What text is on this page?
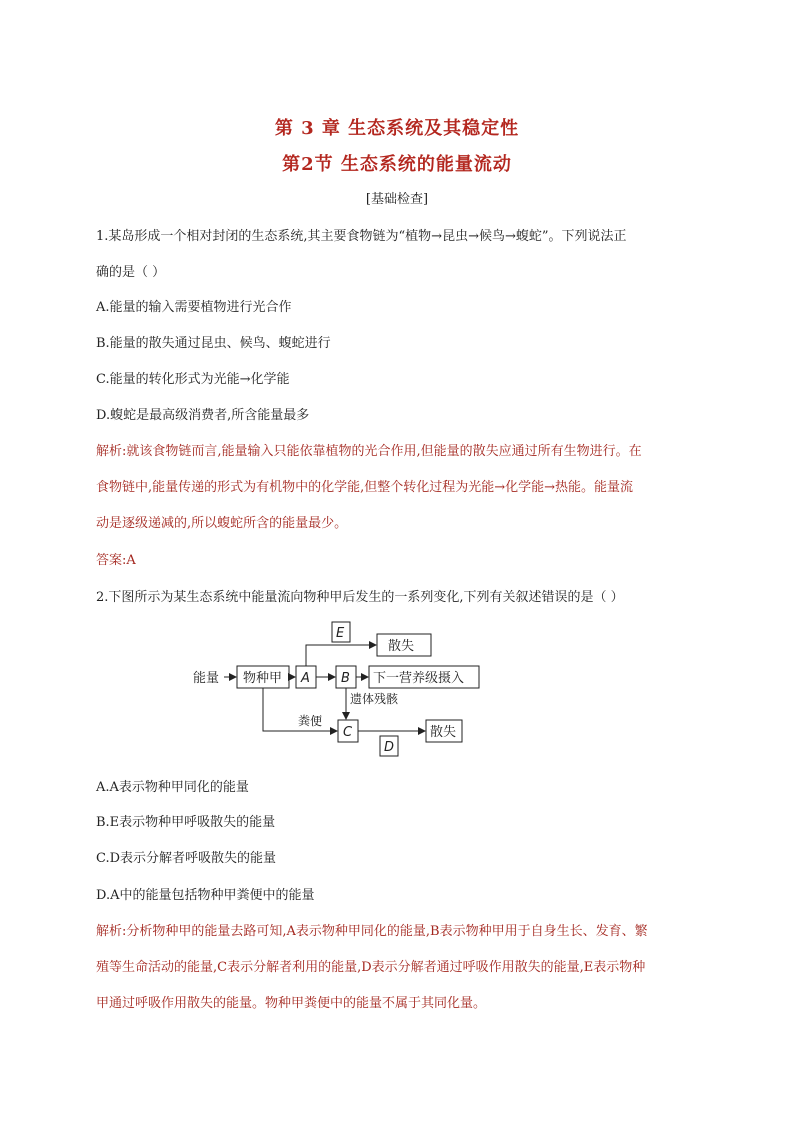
第 3 章 生态系统及其稳定性
第2节 生态系统的能量流动
[基础检查]
1.某岛形成一个相对封闭的生态系统,其主要食物链为“植物→昆虫→候鸟→蝮蛇”。下列说法正
确的是（ ）
A.能量的输入需要植物进行光合作
B.能量的散失通过昆虫、候鸟、蝮蛇进行
C.能量的转化形式为光能→化学能
D.蝮蛇是最高级消费者,所含能量最多
解析:就该食物链而言,能量输入只能依靠植物的光合作用,但能量的散失应通过所有生物进行。在
食物链中,能量传递的形式为有机物中的化学能,但整个转化过程为光能→化学能→热能。能量流
动是逐级递减的,所以蝮蛇所含的能量最少。
答案:A
2.下图所示为某生态系统中能量流向物种甲后发生的一系列变化,下列有关叙述错误的是（ ）
能量 物种甲 A B
C
E
D
散失
下一营养级摄入
散失
遗体残骸
粪便
A.A表示物种甲同化的能量
B.E表示物种甲呼吸散失的能量
C.D表示分解者呼吸散失的能量
D.A中的能量包括物种甲粪便中的能量
解析:分析物种甲的能量去路可知,A表示物种甲同化的能量,B表示物种甲用于自身生长、发育、繁
殖等生命活动的能量,C表示分解者利用的能量,D表示分解者通过呼吸作用散失的能量,E表示物种
甲通过呼吸作用散失的能量。物种甲粪便中的能量不属于其同化量。
